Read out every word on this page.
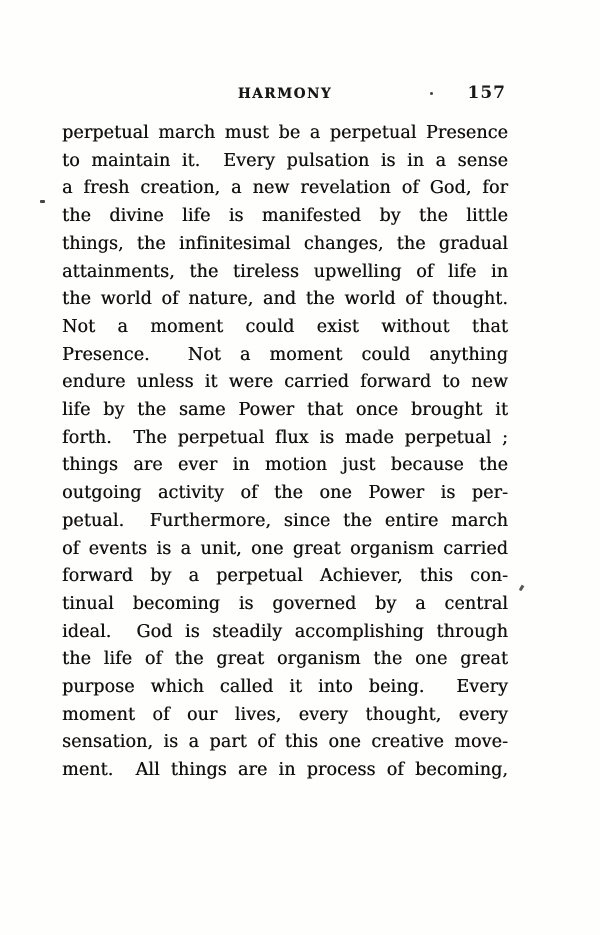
HARMONY	157
perpetual march must be a perpetual Presence
to maintain it.  Every pulsation is in a sense
a fresh creation, a new revelation of God, for
the divine life is manifested by the little
things, the infinitesimal changes, the gradual
attainments, the tireless upwelling of life in
the world of nature, and the world of thought.
Not a moment could exist without that
Presence.  Not a moment could anything
endure unless it were carried forward to new
life by the same Power that once brought it
forth.  The perpetual flux is made perpetual ;
things are ever in motion just because the
outgoing activity of the one Power is per-
petual.  Furthermore, since the entire march
of events is a unit, one great organism carried
forward by a perpetual Achiever, this con-
tinual becoming is governed by a central
ideal.  God is steadily accomplishing through
the life of the great organism the one great
purpose which called it into being.  Every
moment of our lives, every thought, every
sensation, is a part of this one creative move-
ment.  All things are in process of becoming,
